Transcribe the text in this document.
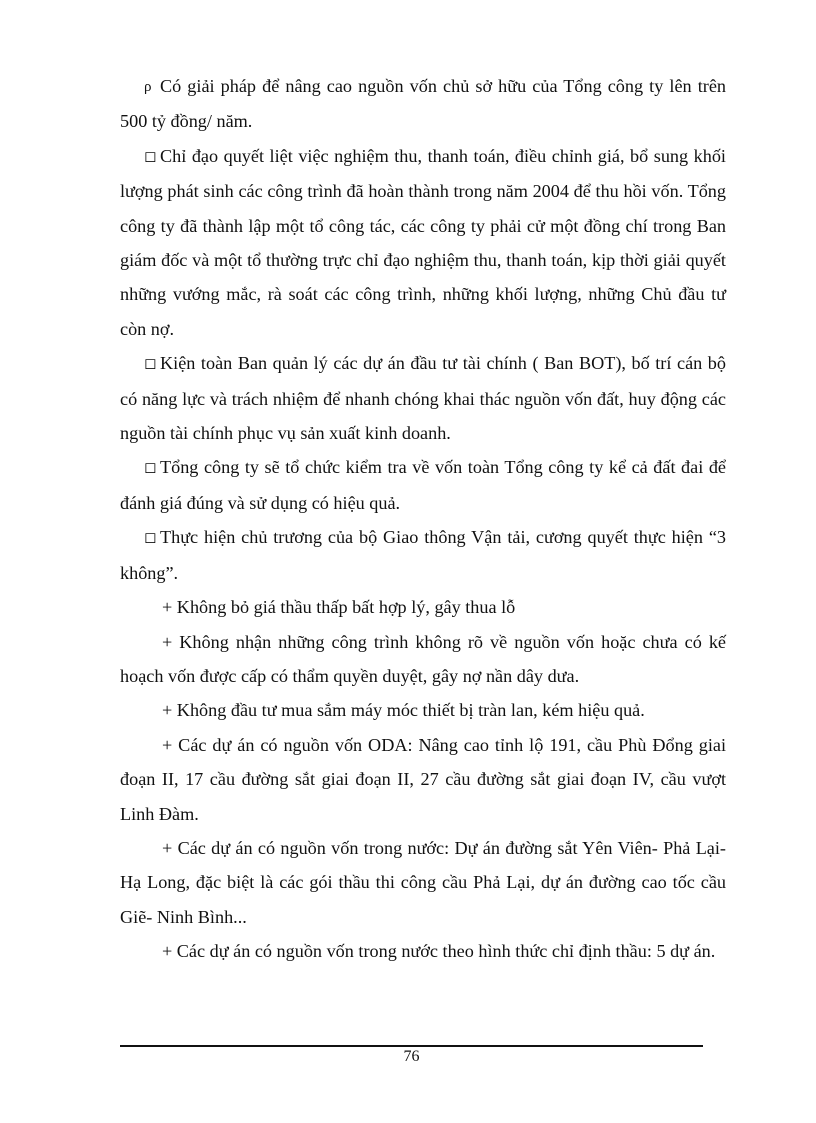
ρ Có giải pháp để nâng cao nguồn vốn chủ sở hữu của Tổng công ty lên trên 500 tỷ đồng/ năm.

◻ Chỉ đạo quyết liệt việc nghiệm thu, thanh toán, điều chỉnh giá, bổ sung khối lượng phát sinh các công trình đã hoàn thành trong năm 2004 để thu hồi vốn. Tổng công ty đã thành lập một tổ công tác, các công ty phải cử một đồng chí trong Ban giám đốc và một tổ thường trực chỉ đạo nghiệm thu, thanh toán, kịp thời giải quyết những vướng mắc, rà soát các công trình, những khối lượng, những Chủ đầu tư còn nợ.

◻ Kiện toàn Ban quản lý các dự án đầu tư tài chính ( Ban BOT), bố trí cán bộ có năng lực và trách nhiệm để nhanh chóng khai thác nguồn vốn đất, huy động các nguồn tài chính phục vụ sản xuất kinh doanh.

◻ Tổng công ty sẽ tổ chức kiểm tra về vốn toàn Tổng công ty kể cả đất đai để đánh giá đúng và sử dụng có hiệu quả.

◻ Thực hiện chủ trương của bộ Giao thông Vận tải, cương quyết thực hiện “3 không”.

+ Không bỏ giá thầu thấp bất hợp lý, gây thua lỗ

+ Không nhận những công trình không rõ về nguồn vốn hoặc chưa có kế hoạch vốn được cấp có thẩm quyền duyệt, gây nợ nần dây dưa.

+ Không đầu tư mua sắm máy móc thiết bị tràn lan, kém hiệu quả.

+ Các dự án có nguồn vốn ODA: Nâng cao tỉnh lộ 191, cầu Phù Đổng giai đoạn II, 17 cầu đường sắt giai đoạn II, 27 cầu đường sắt giai đoạn IV, cầu vượt Linh Đàm.

+ Các dự án có nguồn vốn trong nước: Dự án đường sắt Yên Viên- Phả Lại- Hạ Long, đặc biệt là các gói thầu thi công cầu Phả Lại, dự án đường cao tốc cầu Giẽ- Ninh Bình...

+ Các dự án có nguồn vốn trong nước theo hình thức chỉ định thầu: 5 dự án.

76
